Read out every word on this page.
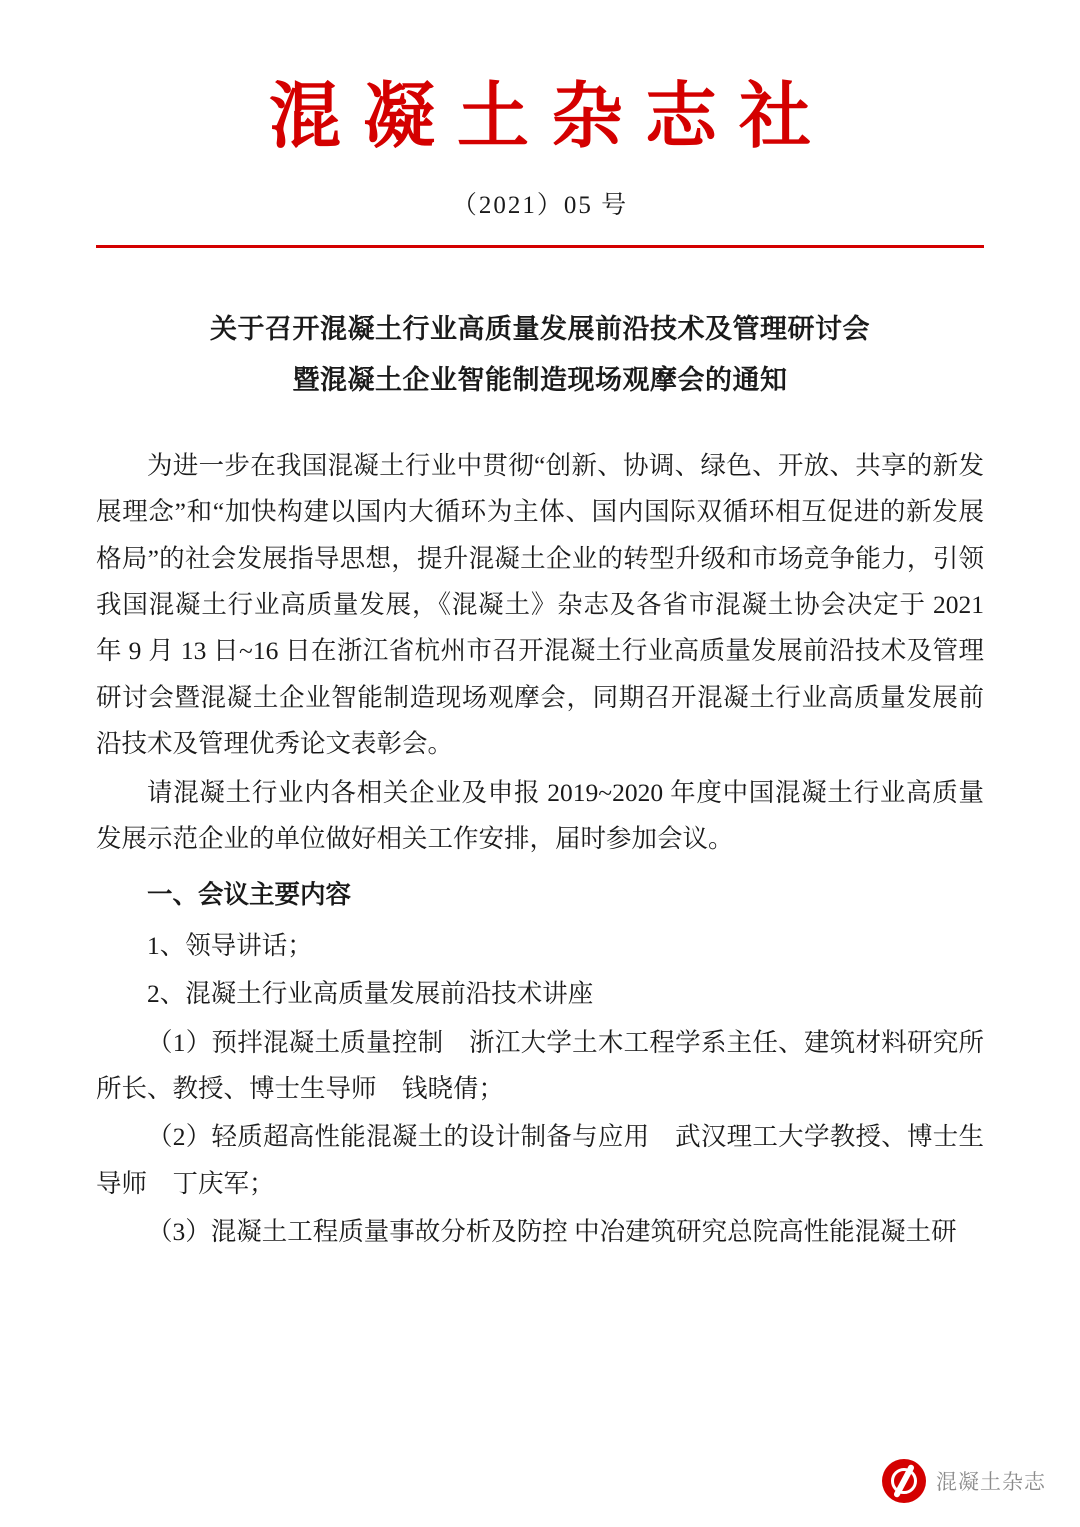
混凝土杂志社
（2021）05 号
关于召开混凝土行业高质量发展前沿技术及管理研讨会
暨混凝土企业智能制造现场观摩会的通知

为进一步在我国混凝土行业中贯彻“创新、协调、绿色、开放、共享的新发展理念”和“加快构建以国内大循环为主体、国内国际双循环相互促进的新发展格局”的社会发展指导思想，提升混凝土企业的转型升级和市场竞争能力，引领我国混凝土行业高质量发展，《混凝土》杂志及各省市混凝土协会决定于 2021 年 9 月 13 日~16 日在浙江省杭州市召开混凝土行业高质量发展前沿技术及管理研讨会暨混凝土企业智能制造现场观摩会，同期召开混凝土行业高质量发展前沿技术及管理优秀论文表彰会。

请混凝土行业内各相关企业及申报 2019~2020 年度中国混凝土行业高质量发展示范企业的单位做好相关工作安排，届时参加会议。

一、会议主要内容

1、领导讲话；

2、混凝土行业高质量发展前沿技术讲座

（1）预拌混凝土质量控制　浙江大学土木工程学系主任、建筑材料研究所所长、教授、博士生导师　钱晓倩；

（2）轻质超高性能混凝土的设计制备与应用　武汉理工大学教授、博士生导师　丁庆军；

（3）混凝土工程质量事故分析及防控 中冶建筑研究总院高性能混凝土研

混凝土杂志
